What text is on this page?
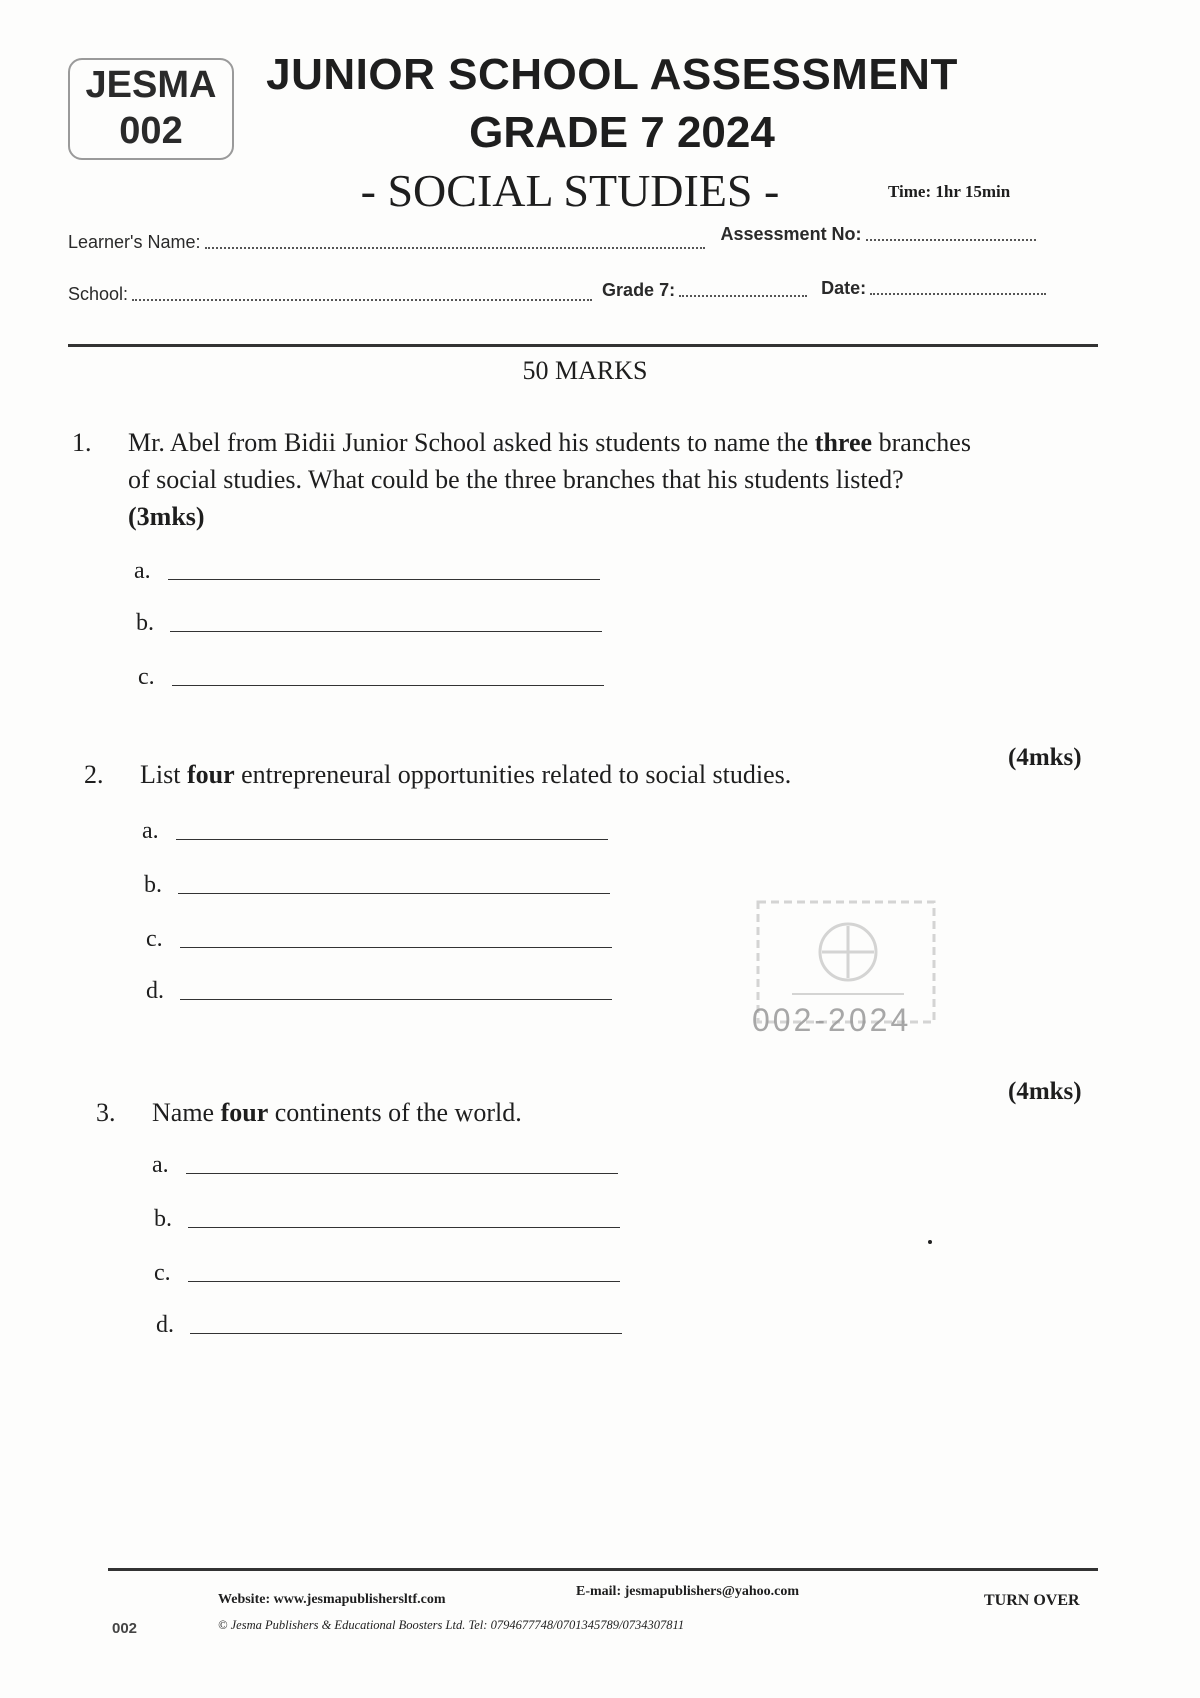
JESMA
002
JUNIOR SCHOOL ASSESSMENT
GRADE 7 2024
- SOCIAL STUDIES -	Time: 1hr 15min
Learner's Name:	Assessment No:
School:	Grade 7:	Date:
50 MARKS
1. Mr. Abel from Bidii Junior School asked his students to name the three branches
of social studies. What could be the three branches that his students listed?
(3mks)
a.
b.
c.
2. List four entrepreneural opportunities related to social studies.
(4mks)
a.
b.
c.
d.
002-2024
3. Name four continents of the world.
(4mks)
a.
b.
c.
d.
Website: www.jesmapublishersltf.com
E-mail: jesmapublishers@yahoo.com
© Jesma Publishers & Educational Boosters Ltd. Tel: 0794677748/0701345789/0734307811
TURN OVER
002
